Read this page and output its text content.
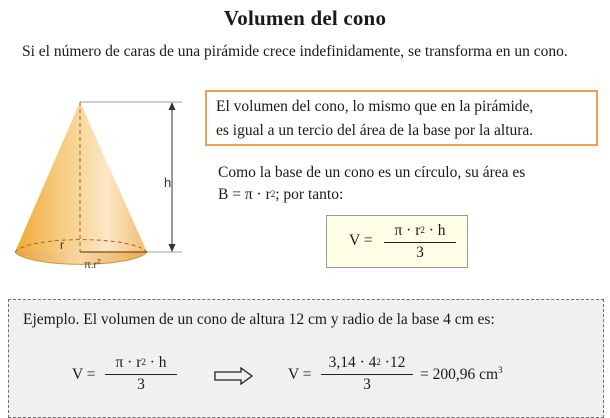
Volumen del cono
Si el número de caras de una pirámide crece indefinidamente, se transforma en un cono.
h
r
$\pi.r^2$
El volumen del cono, lo mismo que en la pirámide,
es igual a un tercio del área de la base por la altura.
Como la base de un cono es un círculo, su área es
$B = \pi \cdot r^2$; por tanto:
V =
$\pi \cdot r^2 \cdot h$
3
Ejemplo. El volumen de un cono de altura 12 cm y radio de la base 4 cm es:
V =
$\pi \cdot r^2 \cdot h$
3
V =
$3,14 \cdot 4^2 \cdot 12$
3
= 200,96 $cm^3$
